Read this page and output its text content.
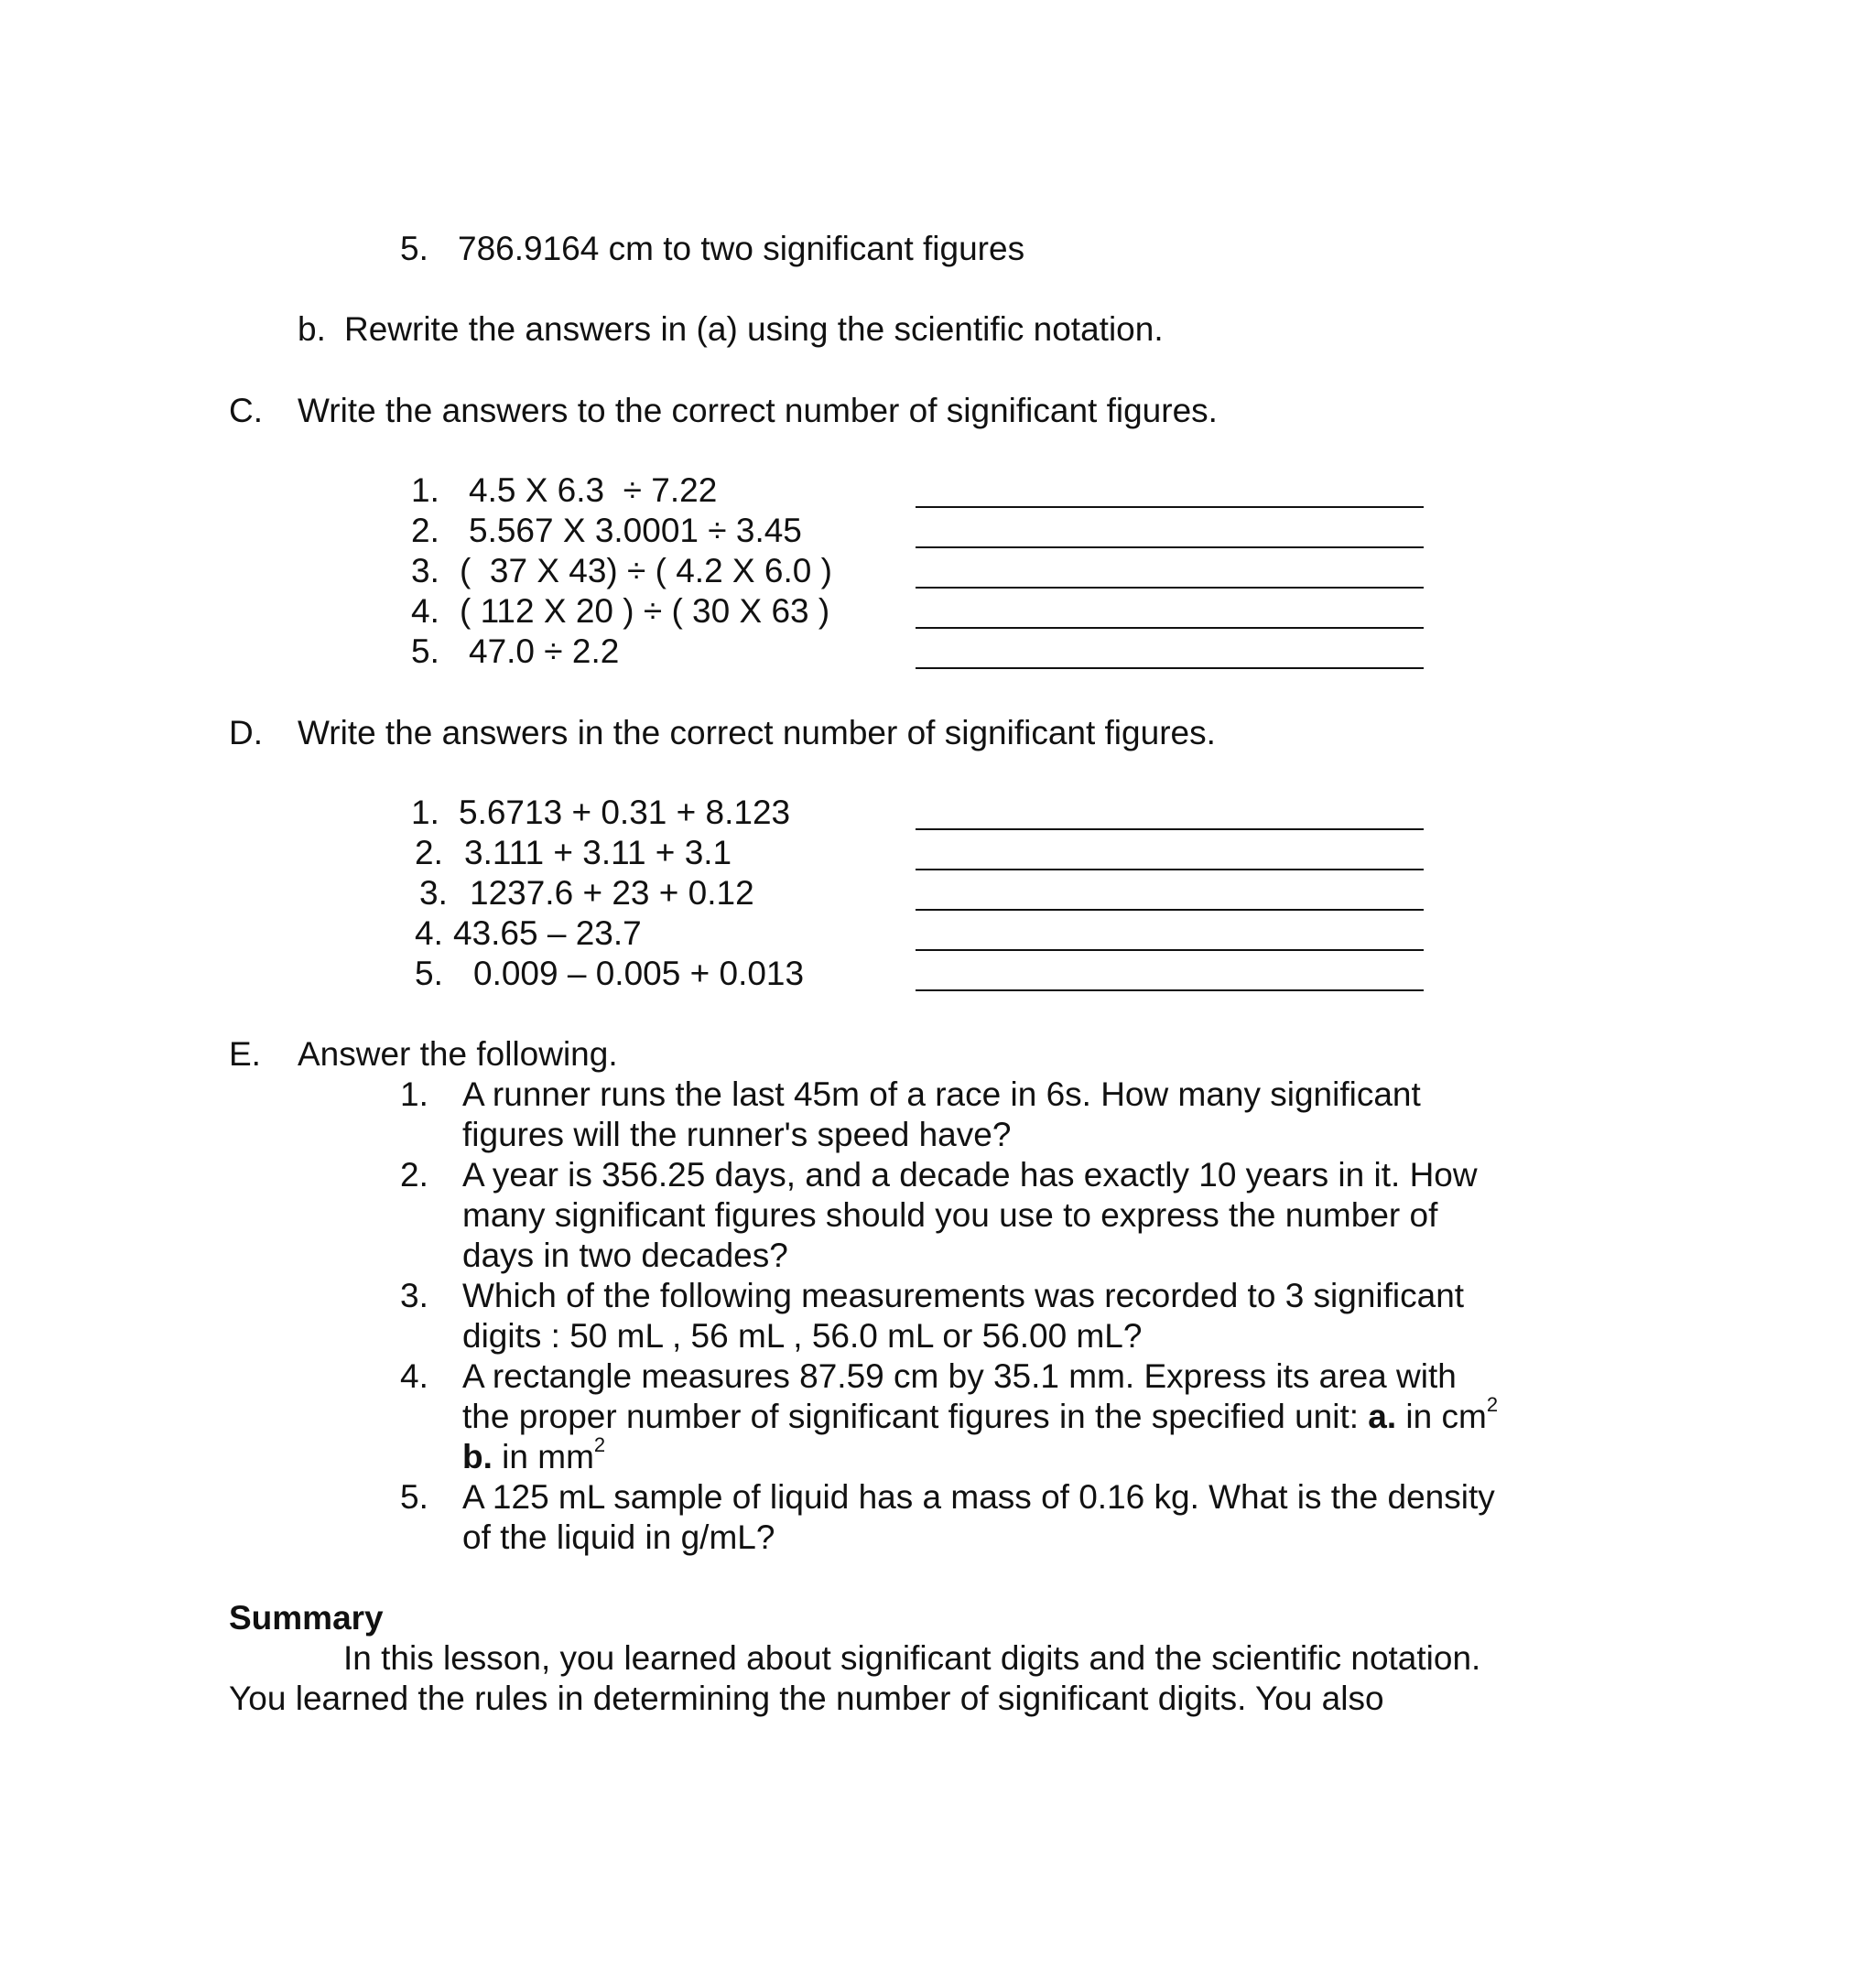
5. 786.9164 cm to two significant figures
b. Rewrite the answers in (a) using the scientific notation.
C. Write the answers to the correct number of significant figures.
1. 4.5 X 6.3  ÷ 7.22
2. 5.567 X 3.0001 ÷ 3.45
3. (  37 X 43) ÷ ( 4.2 X 6.0 )
4. ( 112 X 20 ) ÷ ( 30 X 63 )
5. 47.0 ÷ 2.2
D. Write the answers in the correct number of significant figures.
1. 5.6713 + 0.31 + 8.123
2. 3.111 + 3.11 + 3.1
3. 1237.6 + 23 + 0.12
4. 43.65 – 23.7
5. 0.009 – 0.005 + 0.013
E. Answer the following.
1. A runner runs the last 45m of a race in 6s. How many significant
figures will the runner's speed have?
2. A year is 356.25 days, and a decade has exactly 10 years in it. How
many significant figures should you use to express the number of
days in two decades?
3. Which of the following measurements was recorded to 3 significant
digits : 50 mL , 56 mL , 56.0 mL or 56.00 mL?
4. A rectangle measures 87.59 cm by 35.1 mm. Express its area with
the proper number of significant figures in the specified unit: a. in $cm^2$
b. in $mm^2$
5. A 125 mL sample of liquid has a mass of 0.16 kg. What is the density
of the liquid in g/mL?
Summary
In this lesson, you learned about significant digits and the scientific notation.
You learned the rules in determining the number of significant digits. You also
